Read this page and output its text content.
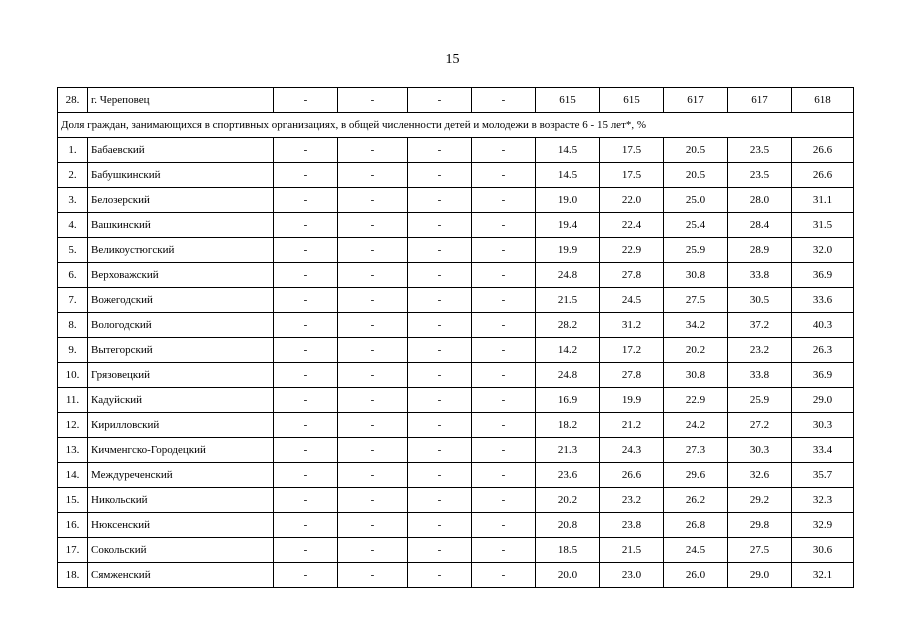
15
28.	г. Череповец	-	-	-	-	615	615	617	617	618
Доля граждан, занимающихся в спортивных организациях, в общей численности детей и молодежи в возрасте 6 - 15 лет*, %										
1.	Бабаевский	-	-	-	-	14.5	17.5	20.5	23.5	26.6
2.	Бабушкинский	-	-	-	-	14.5	17.5	20.5	23.5	26.6
3.	Белозерский	-	-	-	-	19.0	22.0	25.0	28.0	31.1
4.	Вашкинский	-	-	-	-	19.4	22.4	25.4	28.4	31.5
5.	Великоустюгский	-	-	-	-	19.9	22.9	25.9	28.9	32.0
6.	Верховажский	-	-	-	-	24.8	27.8	30.8	33.8	36.9
7.	Вожегодский	-	-	-	-	21.5	24.5	27.5	30.5	33.6
8.	Вологодский	-	-	-	-	28.2	31.2	34.2	37.2	40.3
9.	Вытегорский	-	-	-	-	14.2	17.2	20.2	23.2	26.3
10.	Грязовецкий	-	-	-	-	24.8	27.8	30.8	33.8	36.9
11.	Кадуйский	-	-	-	-	16.9	19.9	22.9	25.9	29.0
12.	Кирилловский	-	-	-	-	18.2	21.2	24.2	27.2	30.3
13.	Кичменгско-Городецкий	-	-	-	-	21.3	24.3	27.3	30.3	33.4
14.	Междуреченский	-	-	-	-	23.6	26.6	29.6	32.6	35.7
15.	Никольский	-	-	-	-	20.2	23.2	26.2	29.2	32.3
16.	Нюксенский	-	-	-	-	20.8	23.8	26.8	29.8	32.9
17.	Сокольский	-	-	-	-	18.5	21.5	24.5	27.5	30.6
18.	Сямженский	-	-	-	-	20.0	23.0	26.0	29.0	32.1
